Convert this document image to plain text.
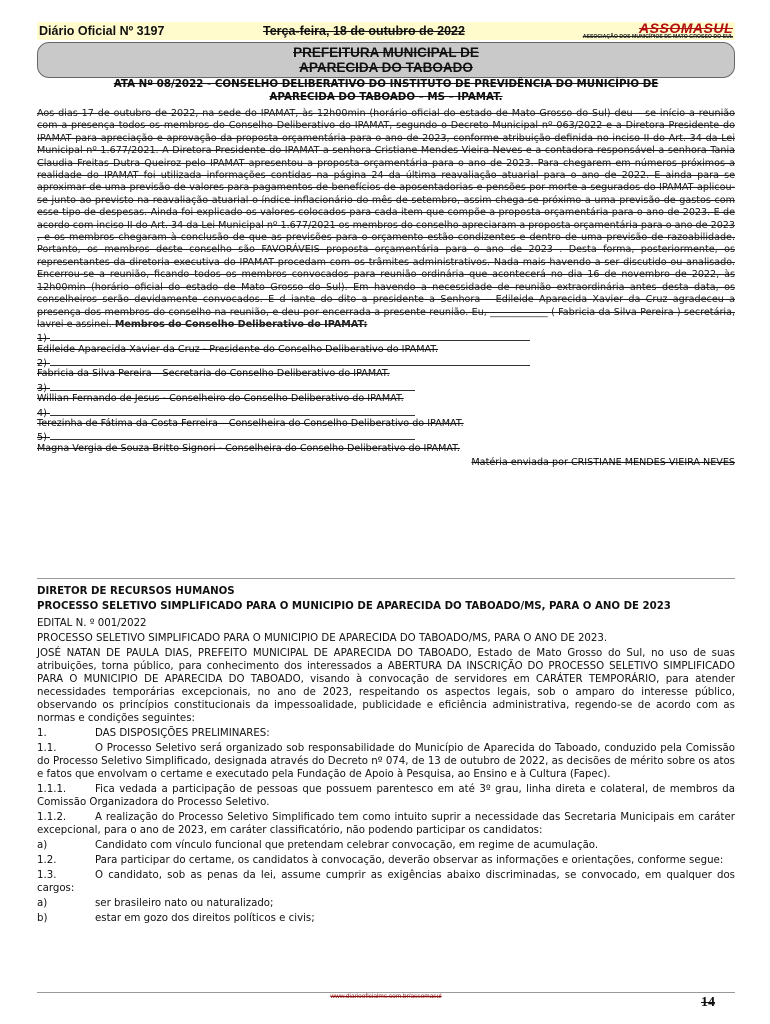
Diário Oficial Nº 3197	Terça-feira, 18 de outubro de 2022	ASSOMASUL
ASSOCIAÇÃO DOS MUNICÍPIOS DE MATO GROSSO DO SUL
PREFEITURA MUNICIPAL DE
APARECIDA DO TABOADO
ATA Nº 08/2022 - CONSELHO DELIBERATIVO DO INSTITUTO DE PREVIDÊNCIA DO MUNICÍPIO DE
APARECIDA DO TABOADO – MS – IPAMAT.

Aos dias 17 de outubro de 2022, na sede do IPAMAT, às 12h00min (horário oficial do estado de Mato Grosso do Sul) deu – se início a reunião com a presença todos os membros do Conselho Deliberativo do IPAMAT, segundo o Decreto Municipal nº 063/2022 e a Diretora Presidente do IPAMAT para apreciação e aprovação da proposta orçamentária para o ano de 2023, conforme atribuição definida no inciso II do Art. 34 da Lei Municipal nº 1.677/2021. A Diretora Presidente do IPAMAT a senhora Cristiane Mendes Vieira Neves e a contadora responsável a senhora Tania Claudia Freitas Dutra Queiroz pelo IPAMAT apresentou a proposta orçamentária para o ano de 2023. Para chegarem em números próximos a realidade do IPAMAT foi utilizada informações contidas na página 24 da última reavaliação atuarial para o ano de 2022. E ainda para se aproximar de uma previsão de valores para pagamentos de benefícios de aposentadorias e pensões por morte a segurados do IPAMAT aplicou-se junto ao previsto na reavaliação atuarial o índice inflacionário do mês de setembro, assim chega-se próximo a uma previsão de gastos com esse tipo de despesas. Ainda foi explicado os valores colocados para cada item que compõe a proposta orçamentária para o ano de 2023. E de acordo com inciso II do Art. 34 da Lei Municipal nº 1.677/2021 os membros do conselho apreciaram a proposta orçamentária para o ano de 2023 , e os membros chegaram à conclusão de que as previsões para o orçamento estão condizentes e dentro de uma previsão de razoabilidade. Portanto, os membros deste conselho são FAVORÁVEIS proposta orçamentária para o ano de 2023 . Desta forma, posteriormente, os representantes da diretoria executiva do IPAMAT procedam com os trâmites administrativos. Nada mais havendo a ser discutido ou analisado. Encerrou-se a reunião, ficando todos os membros convocados para reunião ordinária que acontecerá no dia 16 de novembro de 2022, às 12h00min (horário oficial do estado de Mato Grosso do Sul). Em havendo a necessidade de reunião extraordinária antes desta data, os conselheiros serão devidamente convocados. E d iante do dito a presidente a Senhora – Edileide Aparecida Xavier da Cruz agradeceu a presença dos membros do conselho na reunião, e deu por encerrada a presente reunião. Eu, ____________ ( Fabricia da Silva Pereira ) secretária, lavrei e assinei. Membros do Conselho Deliberativo do IPAMAT:

1)
Edileide Aparecida Xavier da Cruz - Presidente do Conselho Deliberativo do IPAMAT.
2)
Fabricia da Silva Pereira – Secretaria do Conselho Deliberativo do IPAMAT.
3)
Willian Fernando de Jesus - Conselheiro do Conselho Deliberativo do IPAMAT.
4)
Terezinha de Fátima da Costa Ferreira – Conselheira do Conselho Deliberativo do IPAMAT.
5)
Magna Vergia de Souza Britto Signori - Conselheira do Conselho Deliberativo do IPAMAT.
Matéria enviada por CRISTIANE MENDES VIEIRA NEVES

DIRETOR DE RECURSOS HUMANOS

PROCESSO SELETIVO SIMPLIFICADO PARA O MUNICIPIO DE APARECIDA DO TABOADO/MS, PARA O ANO DE 2023

EDITAL N. º 001/2022

PROCESSO SELETIVO SIMPLIFICADO PARA O MUNICIPIO DE APARECIDA DO TABOADO/MS, PARA O ANO DE 2023.

JOSÉ NATAN DE PAULA DIAS, PREFEITO MUNICIPAL DE APARECIDA DO TABOADO, Estado de Mato Grosso do Sul, no uso de suas atribuições, torna público, para conhecimento dos interessados a ABERTURA DA INSCRIÇÃO DO PROCESSO SELETIVO SIMPLIFICADO PARA O MUNICIPIO DE APARECIDA DO TABOADO, visando à convocação de servidores em CARÁTER TEMPORÁRIO, para atender necessidades temporárias excepcionais, no ano de 2023, respeitando os aspectos legais, sob o amparo do interesse público, observando os princípios constitucionais da impessoalidade, publicidade e eficiência administrativa, regendo-se de acordo com as normas e condições seguintes:

1.	DAS DISPOSIÇÕES PRELIMINARES:

1.1.	O Processo Seletivo será organizado sob responsabilidade do Município de Aparecida do Taboado, conduzido pela Comissão do Processo Seletivo Simplificado, designada através do Decreto nº 074, de 13 de outubro de 2022, as decisões de mérito sobre os atos e fatos que envolvam o certame e executado pela Fundação de Apoio à Pesquisa, ao Ensino e à Cultura (Fapec).

1.1.1.	Fica vedada a participação de pessoas que possuem parentesco em até 3º grau, linha direta e colateral, de membros da Comissão Organizadora do Processo Seletivo.

1.1.2.	A realização do Processo Seletivo Simplificado tem como intuito suprir a necessidade das Secretaria Municipais em caráter excepcional, para o ano de 2023, em caráter classificatório, não podendo participar os candidatos:

a)	Candidato com vínculo funcional que pretendam celebrar convocação, em regime de acumulação.

1.2.	Para participar do certame, os candidatos à convocação, deverão observar as informações e orientações, conforme segue:

1.3.	O candidato, sob as penas da lei, assume cumprir as exigências abaixo discriminadas, se convocado, em qualquer dos cargos:

a)	ser brasileiro nato ou naturalizado;

b)	estar em gozo dos direitos políticos e civis;

www.diariooficialms.com.br/assomasul	14
